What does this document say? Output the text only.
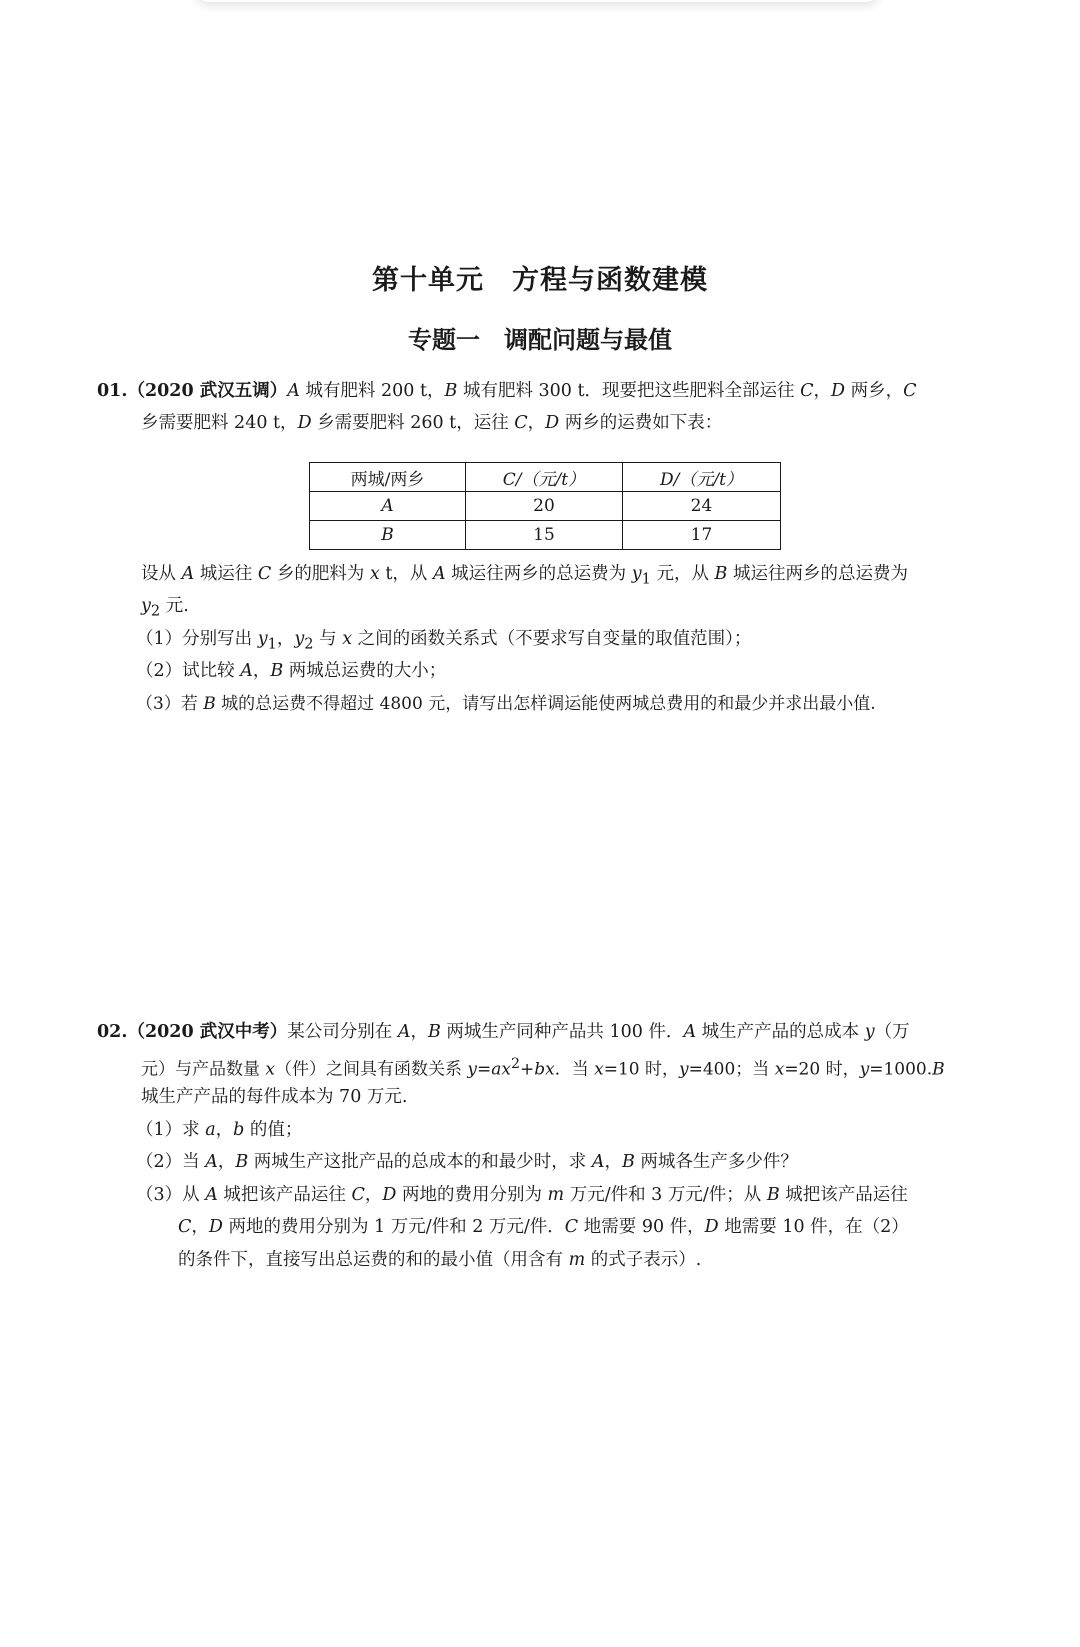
第十单元　方程与函数建模
专题一　调配问题与最值
01.（2020 武汉五调）A 城有肥料 200 t，B 城有肥料 300 t．现要把这些肥料全部运往 C，D 两乡，C
乡需要肥料 240 t，D 乡需要肥料 260 t，运往 C，D 两乡的运费如下表：
两城/两乡	C/（元/t）	D/（元/t）
A	20	24
B	15	17
设从 A 城运往 C 乡的肥料为 x t，从 A 城运往两乡的总运费为 $y_1$ 元，从 B 城运往两乡的总运费为
$y_2$ 元.
（1）分别写出 $y_1$，$y_2$ 与 x 之间的函数关系式（不要求写自变量的取值范围）；
（2）试比较 A，B 两城总运费的大小；
（3）若 B 城的总运费不得超过 4800 元，请写出怎样调运能使两城总费用的和最少并求出最小值.
02.（2020 武汉中考）某公司分别在 A，B 两城生产同种产品共 100 件．A 城生产产品的总成本 y（万
元）与产品数量 x（件）之间具有函数关系 $y=ax^2+bx$．当 x=10 时，y=400；当 x=20 时，y=1000.B
城生产产品的每件成本为 70 万元.
（1）求 a，b 的值；
（2）当 A，B 两城生产这批产品的总成本的和最少时，求 A，B 两城各生产多少件？
（3）从 A 城把该产品运往 C，D 两地的费用分别为 m 万元/件和 3 万元/件；从 B 城把该产品运往
C，D 两地的费用分别为 1 万元/件和 2 万元/件．C 地需要 90 件，D 地需要 10 件，在（2）
的条件下，直接写出总运费的和的最小值（用含有 m 的式子表示）.
